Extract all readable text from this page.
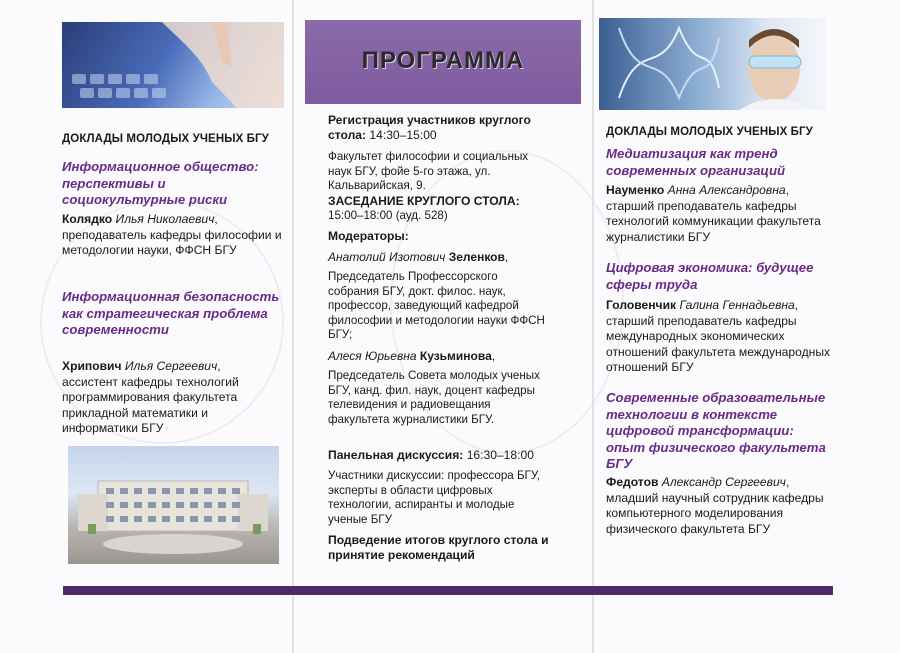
ДОКЛАДЫ МОЛОДЫХ УЧЕНЫХ БГУ
Информационное общество: перспективы и социокультурные риски
Колядко Илья Николаевич,
преподаватель кафедры философии и методологии науки, ФФСН БГУ
Информационная безопасность как стратегическая проблема современности
Хрипович Илья Сергеевич,
ассистент кафедры технологий программирования факультета прикладной математики и информатики БГУ
ПРОГРАММА
Регистрация участников круглого стола: 14:30–15:00
Факультет философии и социальных наук БГУ, фойе 5-го этажа, ул. Кальварийская, 9.
ЗАСЕДАНИЕ КРУГЛОГО СТОЛА:
15:00–18:00 (ауд. 528)
Модераторы:
Анатолий Изотович Зеленков,
Председатель Профессорского собрания БГУ, докт. филос. наук, профессор, заведующий кафедрой философии и методологии науки ФФСН БГУ;
Алеся Юрьевна Кузьминова,
Председатель Совета молодых ученых БГУ, канд. фил. наук, доцент кафедры телевидения и радиовещания факультета журналистики БГУ.
Панельная дискуссия: 16:30–18:00
Участники дискуссии: профессора БГУ, эксперты в области цифровых технологии, аспиранты и молодые ученые БГУ
Подведение итогов круглого стола и принятие рекомендаций
ДОКЛАДЫ МОЛОДЫХ УЧЕНЫХ БГУ
Медиатизация как тренд современных организаций
Науменко Анна Александровна,
старший преподаватель кафедры технологий коммуникации факультета журналистики БГУ
Цифровая экономика: будущее сферы труда
Головенчик Галина Геннадьевна,
старший преподаватель кафедры международных экономических отношений факультета международных отношений БГУ
Современные образовательные технологии в контексте цифровой трансформации: опыт физического факультета БГУ
Федотов Александр Сергеевич,
младший научный сотрудник кафедры компьютерного моделирования физического факультета БГУ
